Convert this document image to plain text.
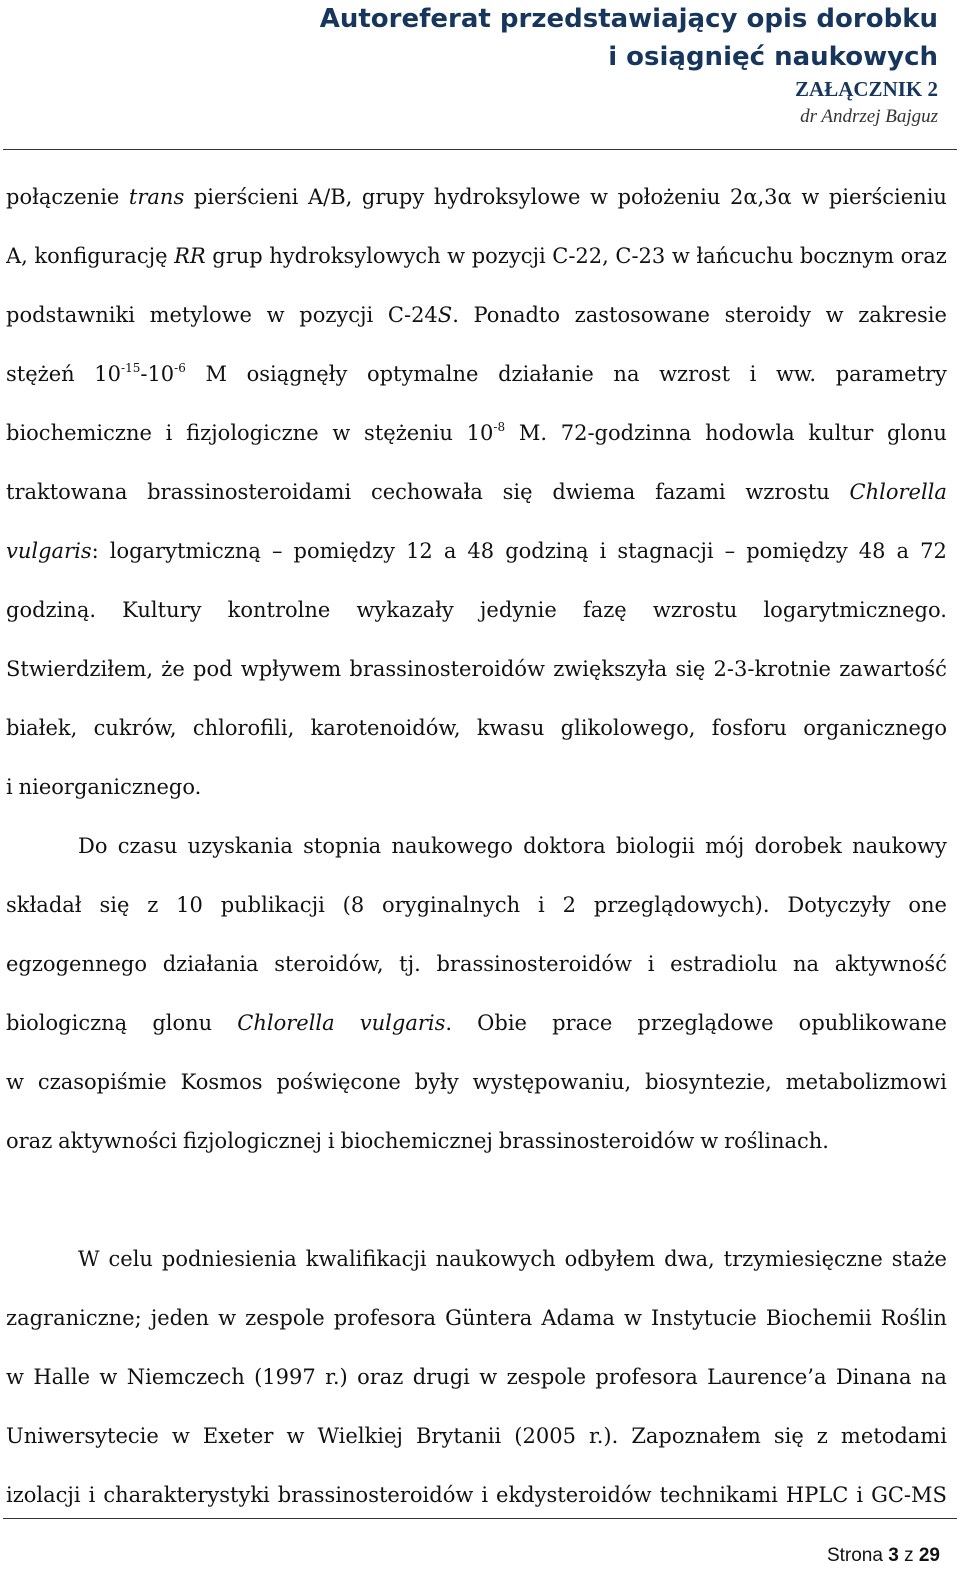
Autoreferat przedstawiający opis dorobku
i osiągnięć naukowych
ZAŁĄCZNIK 2
dr Andrzej Bajguz
połączenie trans pierścieni A/B, grupy hydroksylowe w położeniu 2α,3α w pierścieniu
A, konfigurację RR grup hydroksylowych w pozycji C-22, C-23 w łańcuchu bocznym oraz
podstawniki metylowe w pozycji C-24S. Ponadto zastosowane steroidy w zakresie
stężeń $10^{-15}-10^{-6}$ M osiągnęły optymalne działanie na wzrost i ww. parametry
biochemiczne i fizjologiczne w stężeniu $10^{-8}$ M. 72-godzinna hodowla kultur glonu
traktowana brassinosteroidami cechowała się dwiema fazami wzrostu Chlorella
vulgaris: logarytmiczną – pomiędzy 12 a 48 godziną i stagnacji – pomiędzy 48 a 72
godziną. Kultury kontrolne wykazały jedynie fazę wzrostu logarytmicznego.
Stwierdziłem, że pod wpływem brassinosteroidów zwiększyła się 2-3-krotnie zawartość
białek, cukrów, chlorofili, karotenoidów, kwasu glikolowego, fosforu organicznego
i nieorganicznego.
Do czasu uzyskania stopnia naukowego doktora biologii mój dorobek naukowy
składał się z 10 publikacji (8 oryginalnych i 2 przeglądowych). Dotyczyły one
egzogennego działania steroidów, tj. brassinosteroidów i estradiolu na aktywność
biologiczną glonu Chlorella vulgaris. Obie prace przeglądowe opublikowane
w czasopiśmie Kosmos poświęcone były występowaniu, biosyntezie, metabolizmowi
oraz aktywności fizjologicznej i biochemicznej brassinosteroidów w roślinach.
W celu podniesienia kwalifikacji naukowych odbyłem dwa, trzymiesięczne staże
zagraniczne; jeden w zespole profesora Güntera Adama w Instytucie Biochemii Roślin
w Halle w Niemczech (1997 r.) oraz drugi w zespole profesora Laurence’a Dinana na
Uniwersytecie w Exeter w Wielkiej Brytanii (2005 r.). Zapoznałem się z metodami
izolacji i charakterystyki brassinosteroidów i ekdysteroidów technikami HPLC i GC-MS
Strona 3 z 29
